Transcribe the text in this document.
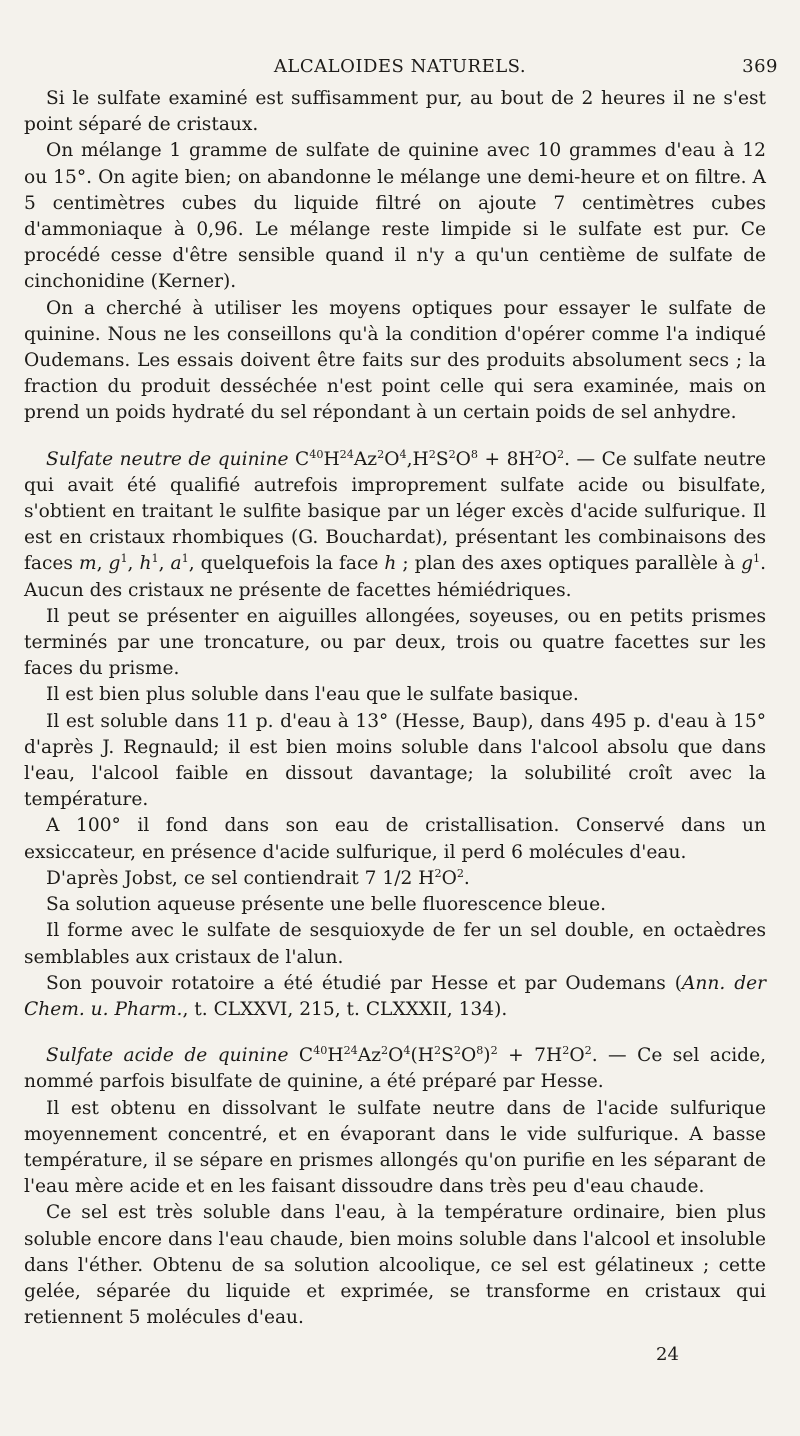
ALCALOIDES NATURELS.	369

Si le sulfate examiné est suffisamment pur, au bout de 2 heures il ne s'est point séparé de cristaux.

On mélange 1 gramme de sulfate de quinine avec 10 grammes d'eau à 12 ou 15°. On agite bien; on abandonne le mélange une demi-heure et on filtre. A 5 centimètres cubes du liquide filtré on ajoute 7 centimètres cubes d'ammoniaque à 0,96. Le mélange reste limpide si le sulfate est pur. Ce procédé cesse d'être sensible quand il n'y a qu'un centième de sulfate de cinchonidine (Kerner).

On a cherché à utiliser les moyens optiques pour essayer le sulfate de quinine. Nous ne les conseillons qu'à la condition d'opérer comme l'a indiqué Oudemans. Les essais doivent être faits sur des produits absolument secs ; la fraction du produit desséchée n'est point celle qui sera examinée, mais on prend un poids hydraté du sel répondant à un certain poids de sel anhydre.

Sulfate neutre de quinine $C^{40}H^{24}Az^2O^4,H^2S^2O^8 + 8H^2O^2$. — Ce sulfate neutre qui avait été qualifié autrefois improprement sulfate acide ou bisulfate, s'obtient en traitant le sulfite basique par un léger excès d'acide sulfurique. Il est en cristaux rhombiques (G. Bouchardat), présentant les combinaisons des faces m, $g^1$, $h^1$, $a^1$, quelquefois la face h ; plan des axes optiques parallèle à $g^1$. Aucun des cristaux ne présente de facettes hémiédriques.

Il peut se présenter en aiguilles allongées, soyeuses, ou en petits prismes terminés par une troncature, ou par deux, trois ou quatre facettes sur les faces du prisme.

Il est bien plus soluble dans l'eau que le sulfate basique.

Il est soluble dans 11 p. d'eau à 13° (Hesse, Baup), dans 495 p. d'eau à 15° d'après J. Regnauld; il est bien moins soluble dans l'alcool absolu que dans l'eau, l'alcool faible en dissout davantage; la solubilité croît avec la température.

A 100° il fond dans son eau de cristallisation. Conservé dans un exsiccateur, en présence d'acide sulfurique, il perd 6 molécules d'eau.

D'après Jobst, ce sel contiendrait 7 1/2 $H^2O^2$.

Sa solution aqueuse présente une belle fluorescence bleue.

Il forme avec le sulfate de sesquioxyde de fer un sel double, en octaèdres semblables aux cristaux de l'alun.

Son pouvoir rotatoire a été étudié par Hesse et par Oudemans (Ann. der Chem. u. Pharm., t. CLXXVI, 215, t. CLXXXII, 134).

Sulfate acide de quinine $C^{40}H^{24}Az^2O^4(H^2S^2O^8)^2 + 7H^2O^2$. — Ce sel acide, nommé parfois bisulfate de quinine, a été préparé par Hesse.

Il est obtenu en dissolvant le sulfate neutre dans de l'acide sulfurique moyennement concentré, et en évaporant dans le vide sulfurique. A basse température, il se sépare en prismes allongés qu'on purifie en les séparant de l'eau mère acide et en les faisant dissoudre dans très peu d'eau chaude.

Ce sel est très soluble dans l'eau, à la température ordinaire, bien plus soluble encore dans l'eau chaude, bien moins soluble dans l'alcool et insoluble dans l'éther. Obtenu de sa solution alcoolique, ce sel est gélatineux ; cette gelée, séparée du liquide et exprimée, se transforme en cristaux qui retiennent 5 molécules d'eau.

24
